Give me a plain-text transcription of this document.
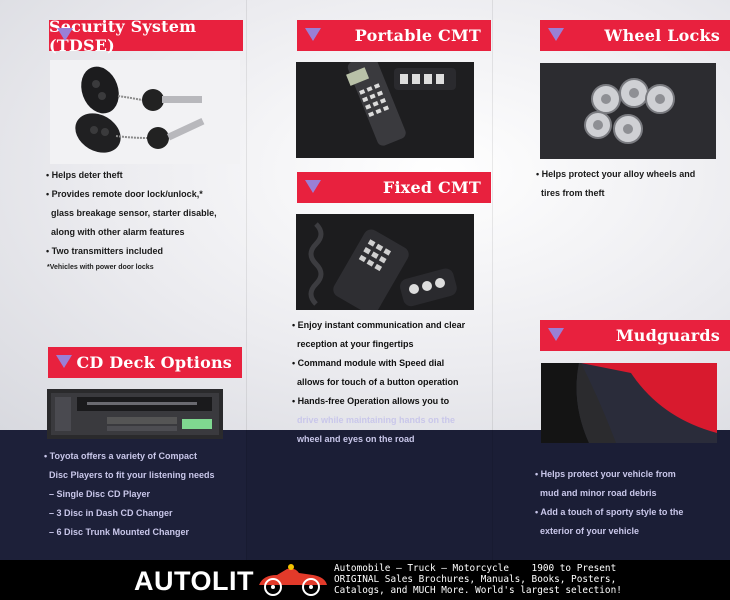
Security System (TDSE)
• Helps deter theft
• Provides remote door lock/unlock,*
glass breakage sensor, starter disable,
along with other alarm features
• Two transmitters included
*Vehicles with power door locks
CD Deck Options
• Toyota offers a variety of Compact
Disc Players to fit your listening needs
– Single Disc CD Player
– 3 Disc in Dash CD Changer
– 6 Disc Trunk Mounted Changer
Portable CMT
Fixed CMT
• Enjoy instant communication and clear
reception at your fingertips
• Command module with Speed dial
allows for touch of a button operation
• Hands-free Operation allows you to
drive while maintaining hands on the
wheel and eyes on the road
Wheel Locks
• Helps protect your alloy wheels and
tires from theft
Mudguards
• Helps protect your vehicle from
mud and minor road debris
• Add a touch of sporty style to the
exterior of your vehicle
AUTOLIT	Automobile – Truck – Motorcycle    1900 to Present
ORIGINAL Sales Brochures, Manuals, Books, Posters,
Catalogs, and MUCH More. World's largest selection!
